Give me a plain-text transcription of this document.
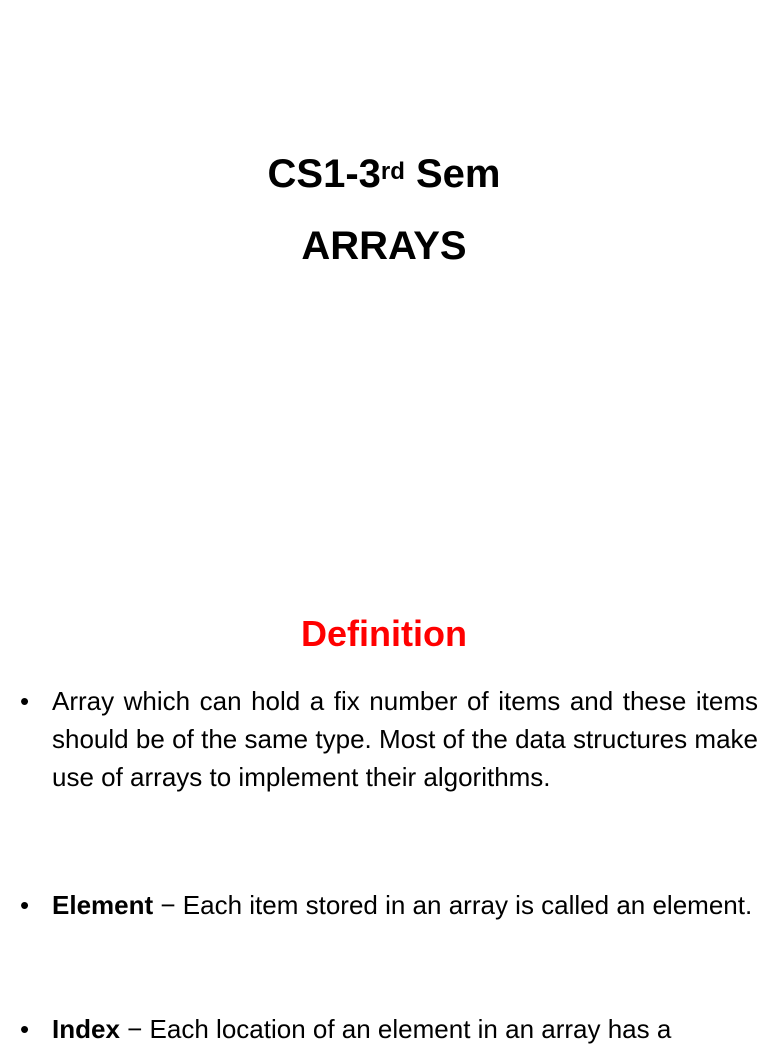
CS1-3rd Sem
ARRAYS
Definition
• Array which can hold a fix number of items and these items should be of the same type. Most of the data structures make use of arrays to implement their algorithms.
• Element − Each item stored in an array is called an element.
• Index − Each location of an element in an array has a
